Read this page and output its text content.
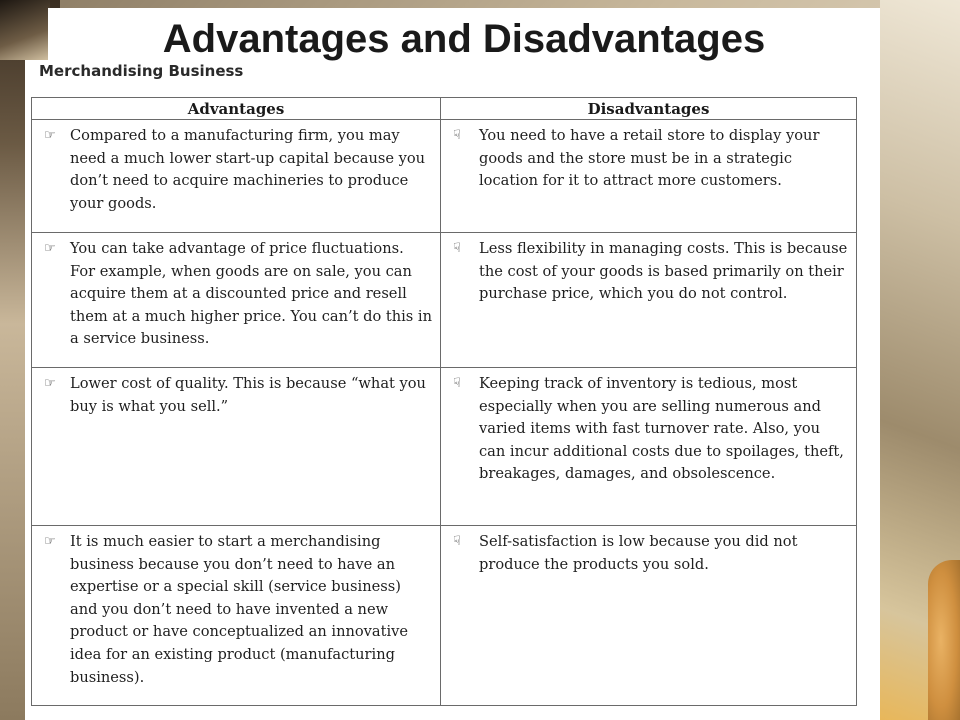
Merchandising Business
Advantages	Disadvantages

☞ Compared to a manufacturing firm, you may need a much lower start-up capital because you don’t need to acquire machineries to produce your goods.	☟ You need to have a retail store to display your goods and the store must be in a strategic location for it to attract more customers.

☞ You can take advantage of price fluctuations. For example, when goods are on sale, you can acquire them at a discounted price and resell them at a much higher price. You can’t do this in a service business.	☟ Less flexibility in managing costs. This is because the cost of your goods is based primarily on their purchase price, which you do not control.

☞ Lower cost of quality. This is because “what you buy is what you sell.”	☟ Keeping track of inventory is tedious, most especially when you are selling numerous and varied items with fast turnover rate. Also, you can incur additional costs due to spoilages, theft, breakages, damages, and obsolescence.

☞ It is much easier to start a merchandising business because you don’t need to have an expertise or a special skill (service business) and you don’t need to have invented a new product or have conceptualized an innovative idea for an existing product (manufacturing business).	☟ Self-satisfaction is low because you did not produce the products you sold.
Advantages and Disadvantages
